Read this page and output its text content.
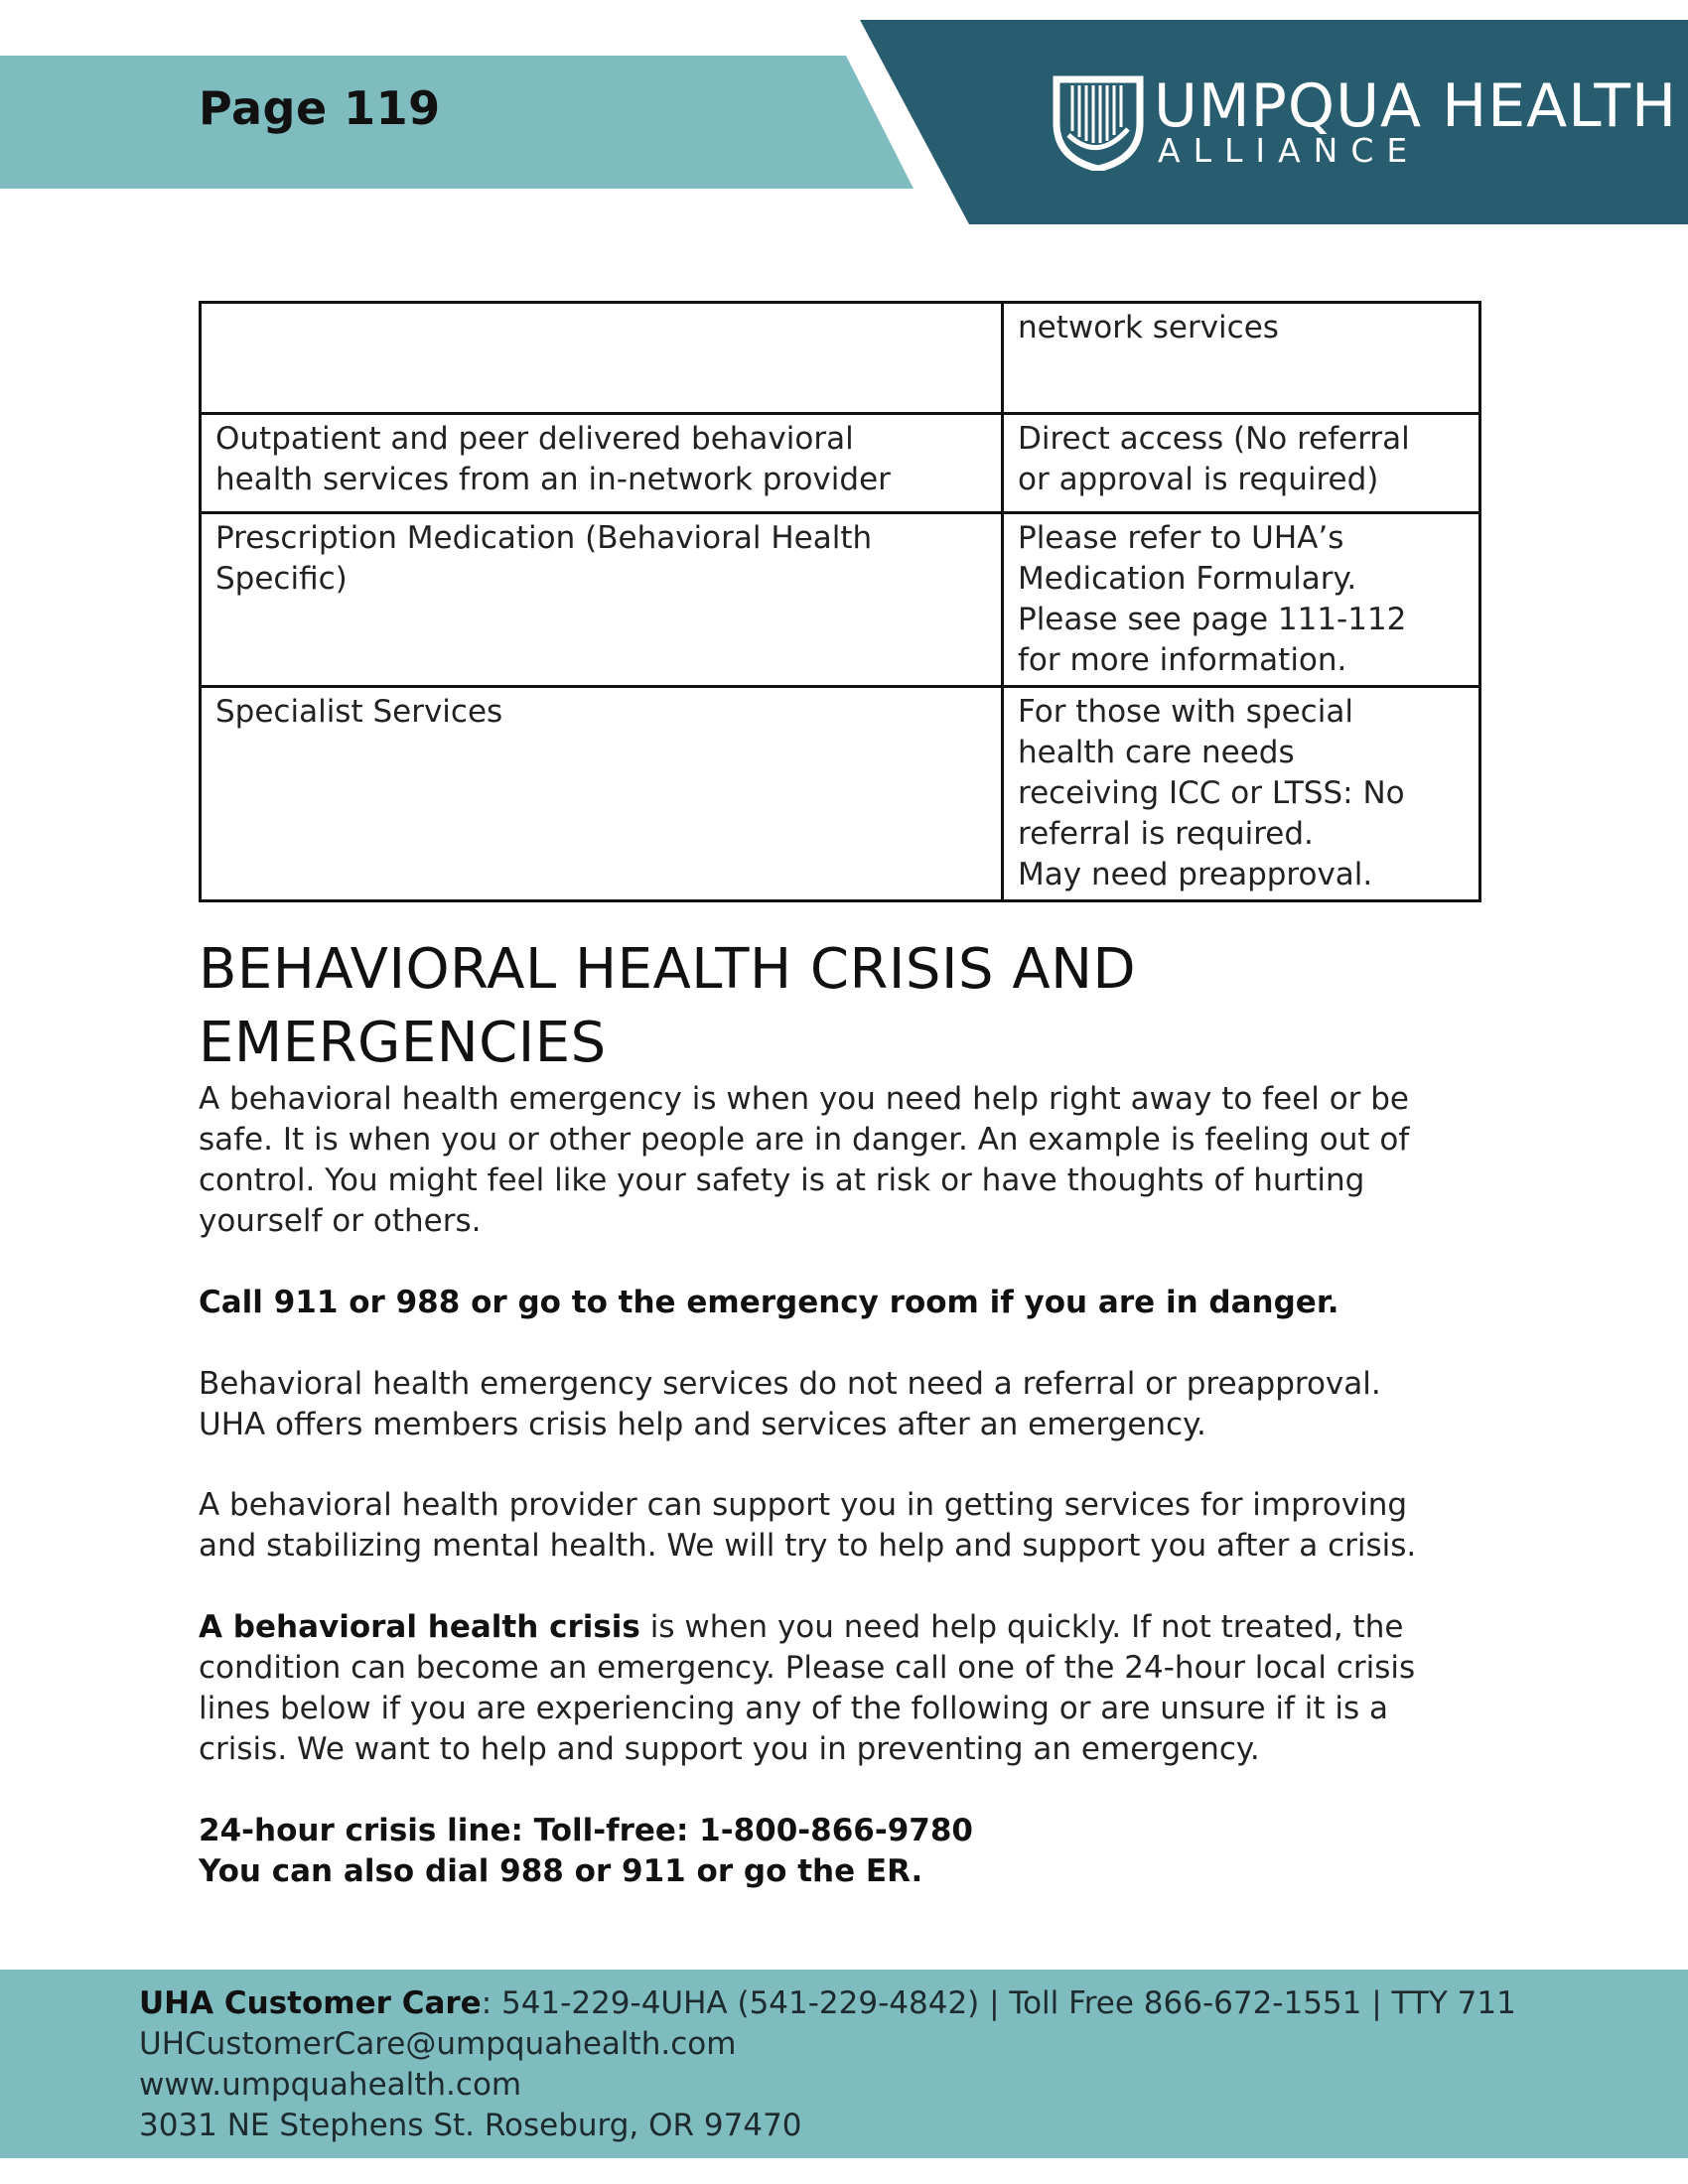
Page 119	UMPQUA HEALTH
ALLIANCE

	network services

Outpatient and peer delivered behavioral
health services from an in-network provider	Direct access (No referral
or approval is required)

Prescription Medication (Behavioral Health
Specific)	Please refer to UHA’s
Medication Formulary.
Please see page 111-112
for more information.

Specialist Services	For those with special
health care needs
receiving ICC or LTSS: No
referral is required.
May need preapproval.
BEHAVIORAL HEALTH CRISIS AND
EMERGENCIES

A behavioral health emergency is when you need help right away to feel or be
safe. It is when you or other people are in danger. An example is feeling out of
control. You might feel like your safety is at risk or have thoughts of hurting
yourself or others.

Call 911 or 988 or go to the emergency room if you are in danger.

Behavioral health emergency services do not need a referral or preapproval.
UHA offers members crisis help and services after an emergency.

A behavioral health provider can support you in getting services for improving
and stabilizing mental health. We will try to help and support you after a crisis.

A behavioral health crisis is when you need help quickly. If not treated, the
condition can become an emergency. Please call one of the 24-hour local crisis
lines below if you are experiencing any of the following or are unsure if it is a
crisis. We want to help and support you in preventing an emergency.

24-hour crisis line: Toll-free: 1-800-866-9780
You can also dial 988 or 911 or go the ER.

UHA Customer Care: 541-229-4UHA (541-229-4842) | Toll Free 866-672-1551 | TTY 711
UHCustomerCare@umpquahealth.com
www.umpquahealth.com
3031 NE Stephens St. Roseburg, OR 97470
